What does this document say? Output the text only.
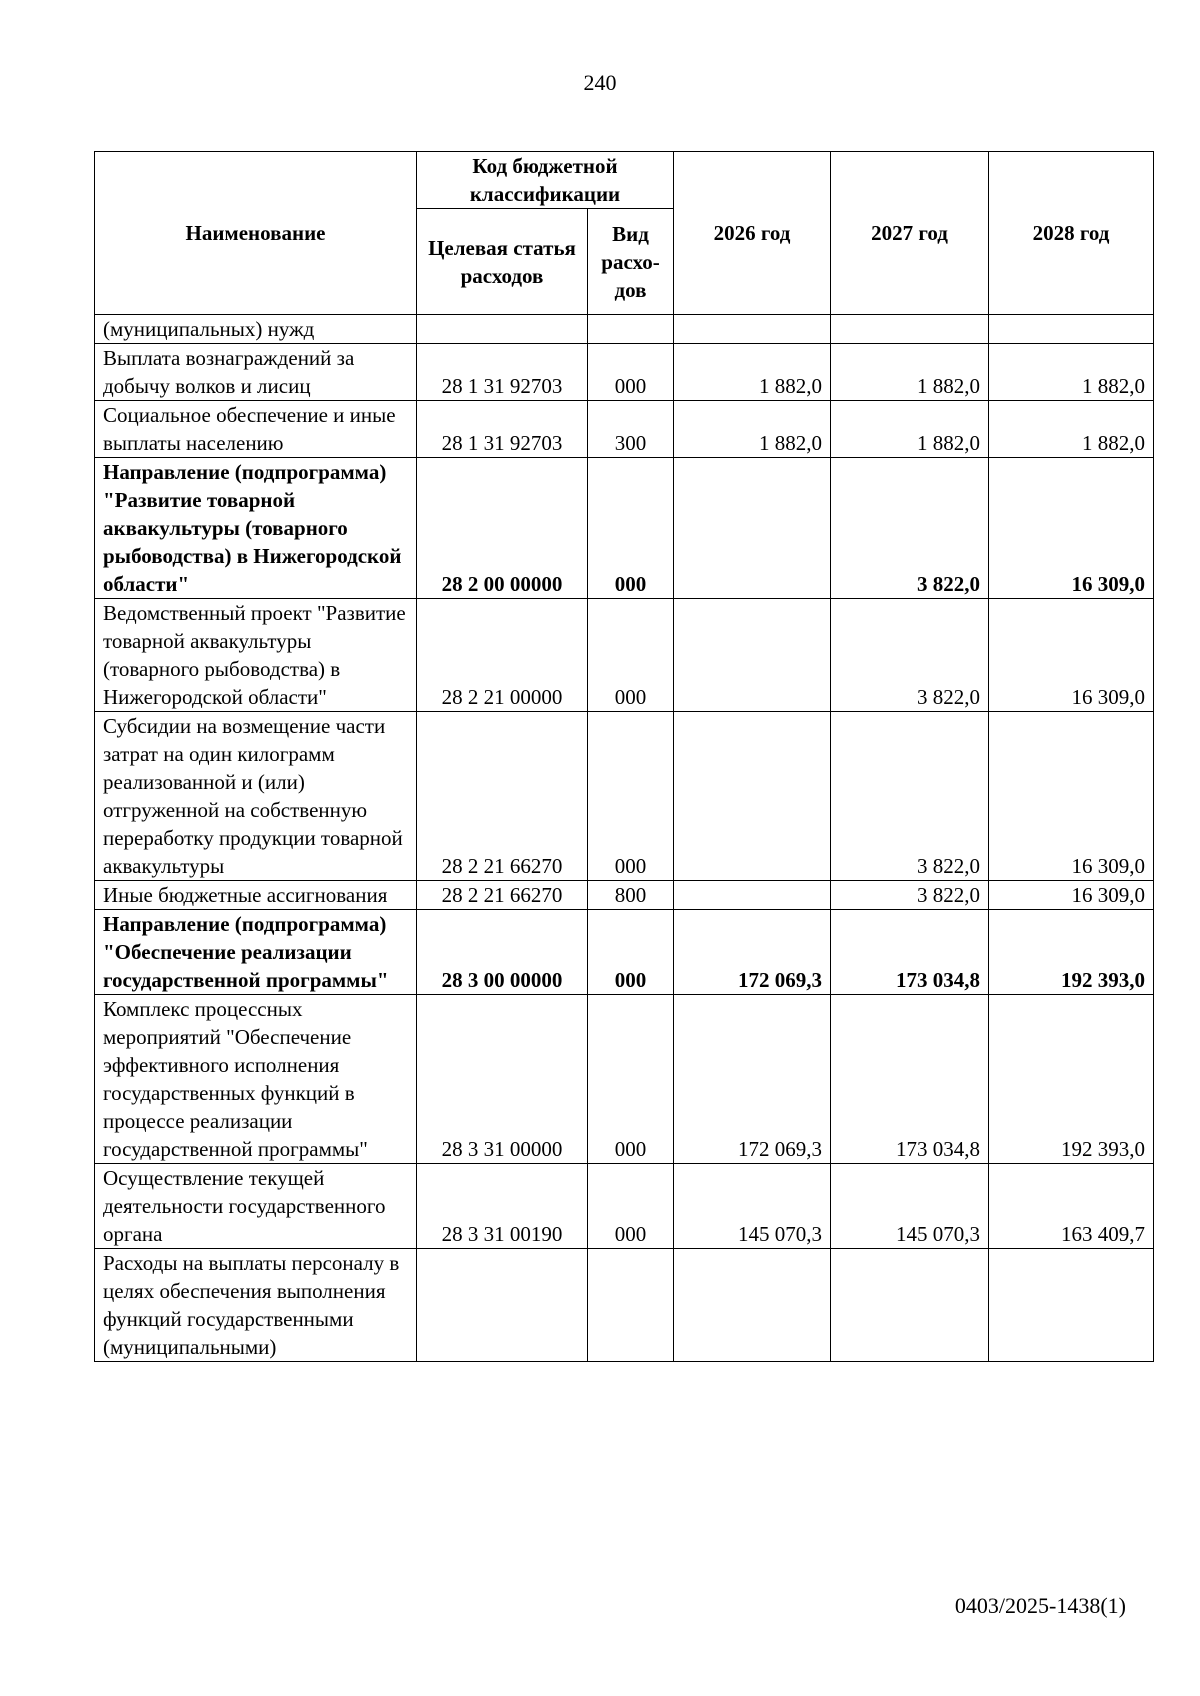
240
Наименование	Код бюджетной классификации		2026 год	2027 год	2028 год
	Целевая статья расходов	Вид расхо-дов			
(муниципальных) нужд					
Выплата вознаграждений за добычу волков и лисиц	28 1 31 92703	000	1 882,0	1 882,0	1 882,0
Социальное обеспечение и иные выплаты населению	28 1 31 92703	300	1 882,0	1 882,0	1 882,0
Направление (подпрограмма) "Развитие товарной аквакультуры (товарного рыбоводства) в Нижегородской области"	28 2 00 00000	000		3 822,0	16 309,0
Ведомственный проект "Развитие товарной аквакультуры (товарного рыбоводства) в Нижегородской области"	28 2 21 00000	000		3 822,0	16 309,0
Субсидии на возмещение части затрат на один килограмм реализованной и (или) отгруженной на собственную переработку продукции товарной аквакультуры	28 2 21 66270	000		3 822,0	16 309,0
Иные бюджетные ассигнования	28 2 21 66270	800		3 822,0	16 309,0
Направление (подпрограмма) "Обеспечение реализации государственной программы"	28 3 00 00000	000	172 069,3	173 034,8	192 393,0
Комплекс процессных мероприятий "Обеспечение эффективного исполнения государственных функций в процессе реализации государственной программы"	28 3 31 00000	000	172 069,3	173 034,8	192 393,0
Осуществление текущей деятельности государственного органа	28 3 31 00190	000	145 070,3	145 070,3	163 409,7
Расходы на выплаты персоналу в целях обеспечения выполнения функций государственными (муниципальными)					
0403/2025-1438(1)
